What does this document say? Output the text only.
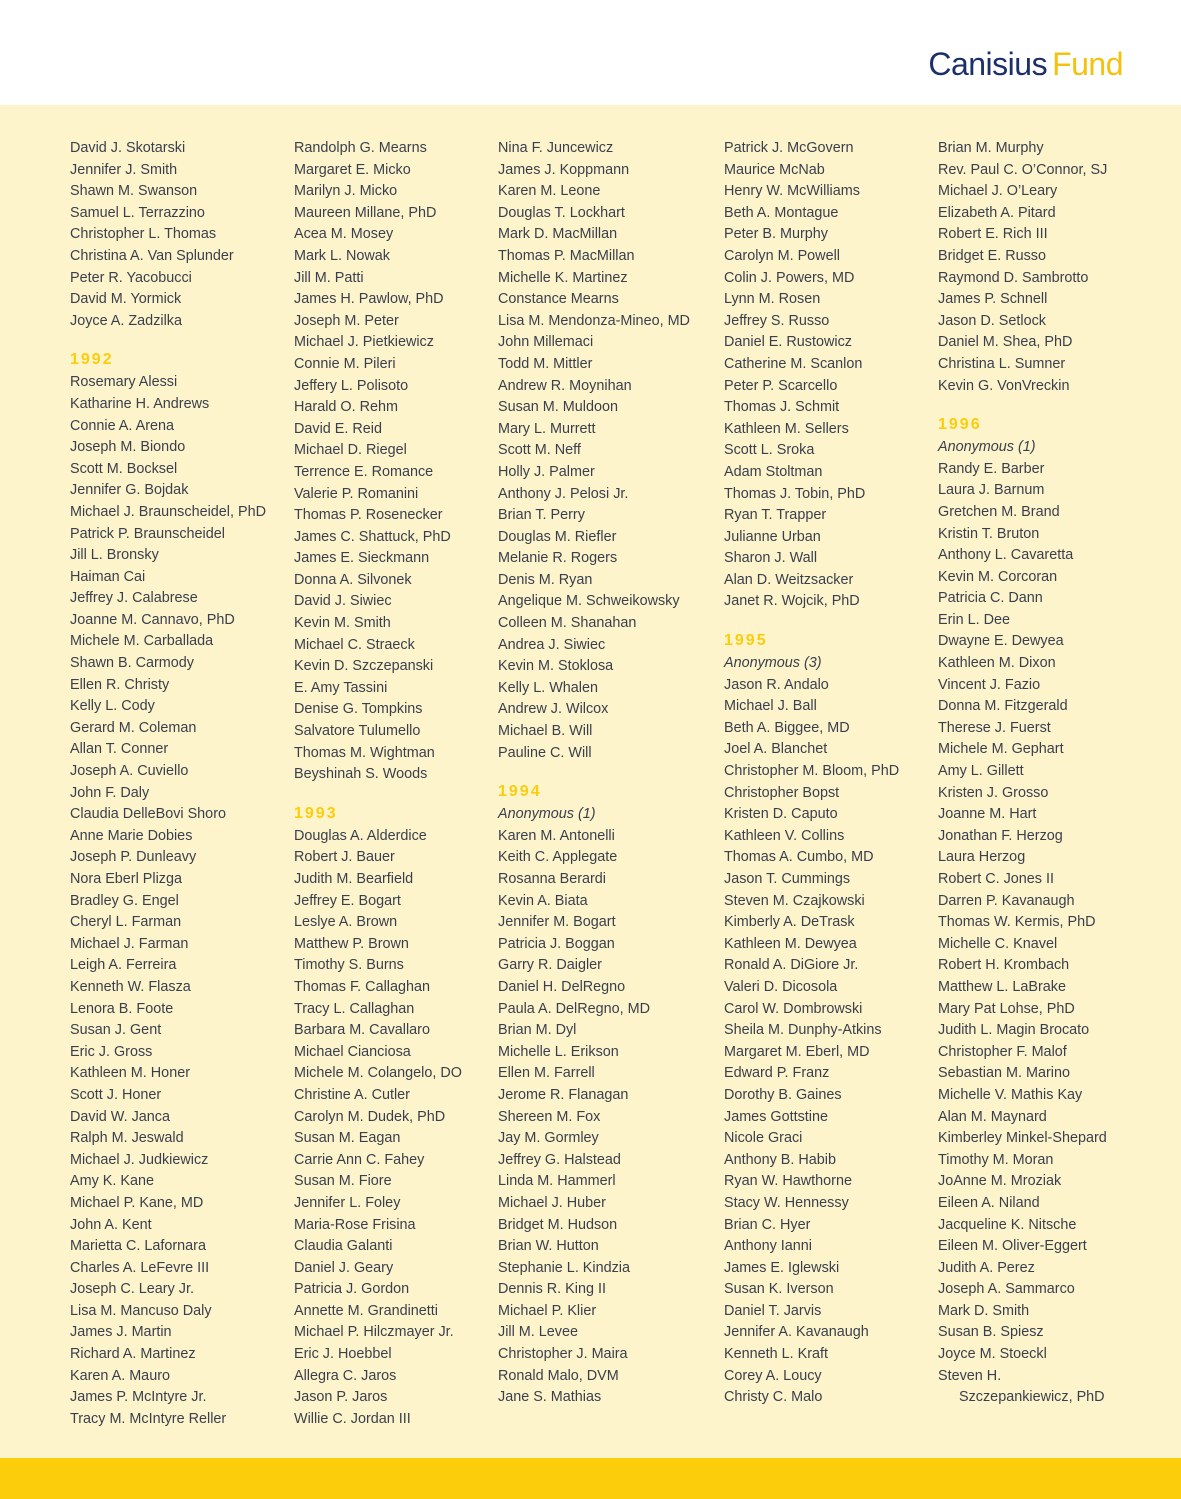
Canisius Fund
David J. Skotarski
Jennifer J. Smith
Shawn M. Swanson
Samuel L. Terrazzino
Christopher L. Thomas
Christina A. Van Splunder
Peter R. Yacobucci
David M. Yormick
Joyce A. Zadzilka
1992
Rosemary Alessi
Katharine H. Andrews
Connie A. Arena
Joseph M. Biondo
Scott M. Bocksel
Jennifer G. Bojdak
Michael J. Braunscheidel, PhD
Patrick P. Braunscheidel
Jill L. Bronsky
Haiman Cai
Jeffrey J. Calabrese
Joanne M. Cannavo, PhD
Michele M. Carballada
Shawn B. Carmody
Ellen R. Christy
Kelly L. Cody
Gerard M. Coleman
Allan T. Conner
Joseph A. Cuviello
John F. Daly
Claudia DelleBovi Shoro
Anne Marie Dobies
Joseph P. Dunleavy
Nora Eberl Plizga
Bradley G. Engel
Cheryl L. Farman
Michael J. Farman
Leigh A. Ferreira
Kenneth W. Flasza
Lenora B. Foote
Susan J. Gent
Eric J. Gross
Kathleen M. Honer
Scott J. Honer
David W. Janca
Ralph M. Jeswald
Michael J. Judkiewicz
Amy K. Kane
Michael P. Kane, MD
John A. Kent
Marietta C. Lafornara
Charles A. LeFevre III
Joseph C. Leary Jr.
Lisa M. Mancuso Daly
James J. Martin
Richard A. Martinez
Karen A. Mauro
James P. McIntyre Jr.
Tracy M. McIntyre Reller
Randolph G. Mearns
Margaret E. Micko
Marilyn J. Micko
Maureen Millane, PhD
Acea M. Mosey
Mark L. Nowak
Jill M. Patti
James H. Pawlow, PhD
Joseph M. Peter
Michael J. Pietkiewicz
Connie M. Pileri
Jeffery L. Polisoto
Harald O. Rehm
David E. Reid
Michael D. Riegel
Terrence E. Romance
Valerie P. Romanini
Thomas P. Rosenecker
James C. Shattuck, PhD
James E. Sieckmann
Donna A. Silvonek
David J. Siwiec
Kevin M. Smith
Michael C. Straeck
Kevin D. Szczepanski
E. Amy Tassini
Denise G. Tompkins
Salvatore Tulumello
Thomas M. Wightman
Beyshinah S. Woods
1993
Douglas A. Alderdice
Robert J. Bauer
Judith M. Bearfield
Jeffrey E. Bogart
Leslye A. Brown
Matthew P. Brown
Timothy S. Burns
Thomas F. Callaghan
Tracy L. Callaghan
Barbara M. Cavallaro
Michael Cianciosa
Michele M. Colangelo, DO
Christine A. Cutler
Carolyn M. Dudek, PhD
Susan M. Eagan
Carrie Ann C. Fahey
Susan M. Fiore
Jennifer L. Foley
Maria-Rose Frisina
Claudia Galanti
Daniel J. Geary
Patricia J. Gordon
Annette M. Grandinetti
Michael P. Hilczmayer Jr.
Eric J. Hoebbel
Allegra C. Jaros
Jason P. Jaros
Willie C. Jordan III
Nina F. Juncewicz
James J. Koppmann
Karen M. Leone
Douglas T. Lockhart
Mark D. MacMillan
Thomas P. MacMillan
Michelle K. Martinez
Constance Mearns
Lisa M. Mendonza-Mineo, MD
John Millemaci
Todd M. Mittler
Andrew R. Moynihan
Susan M. Muldoon
Mary L. Murrett
Scott M. Neff
Holly J. Palmer
Anthony J. Pelosi Jr.
Brian T. Perry
Douglas M. Riefler
Melanie R. Rogers
Denis M. Ryan
Angelique M. Schweikowsky
Colleen M. Shanahan
Andrea J. Siwiec
Kevin M. Stoklosa
Kelly L. Whalen
Andrew J. Wilcox
Michael B. Will
Pauline C. Will
1994
Anonymous (1)
Karen M. Antonelli
Keith C. Applegate
Rosanna Berardi
Kevin A. Biata
Jennifer M. Bogart
Patricia J. Boggan
Garry R. Daigler
Daniel H. DelRegno
Paula A. DelRegno, MD
Brian M. Dyl
Michelle L. Erikson
Ellen M. Farrell
Jerome R. Flanagan
Shereen M. Fox
Jay M. Gormley
Jeffrey G. Halstead
Linda M. Hammerl
Michael J. Huber
Bridget M. Hudson
Brian W. Hutton
Stephanie L. Kindzia
Dennis R. King II
Michael P. Klier
Jill M. Levee
Christopher J. Maira
Ronald Malo, DVM
Jane S. Mathias
Patrick J. McGovern
Maurice McNab
Henry W. McWilliams
Beth A. Montague
Peter B. Murphy
Carolyn M. Powell
Colin J. Powers, MD
Lynn M. Rosen
Jeffrey S. Russo
Daniel E. Rustowicz
Catherine M. Scanlon
Peter P. Scarcello
Thomas J. Schmit
Kathleen M. Sellers
Scott L. Sroka
Adam Stoltman
Thomas J. Tobin, PhD
Ryan T. Trapper
Julianne Urban
Sharon J. Wall
Alan D. Weitzsacker
Janet R. Wojcik, PhD
1995
Anonymous (3)
Jason R. Andalo
Michael J. Ball
Beth A. Biggee, MD
Joel A. Blanchet
Christopher M. Bloom, PhD
Christopher Bopst
Kristen D. Caputo
Kathleen V. Collins
Thomas A. Cumbo, MD
Jason T. Cummings
Steven M. Czajkowski
Kimberly A. DeTrask
Kathleen M. Dewyea
Ronald A. DiGiore Jr.
Valeri D. Dicosola
Carol W. Dombrowski
Sheila M. Dunphy-Atkins
Margaret M. Eberl, MD
Edward P. Franz
Dorothy B. Gaines
James Gottstine
Nicole Graci
Anthony B. Habib
Ryan W. Hawthorne
Stacy W. Hennessy
Brian C. Hyer
Anthony Ianni
James E. Iglewski
Susan K. Iverson
Daniel T. Jarvis
Jennifer A. Kavanaugh
Kenneth L. Kraft
Corey A. Loucy
Christy C. Malo
Brian M. Murphy
Rev. Paul C. O’Connor, SJ
Michael J. O’Leary
Elizabeth A. Pitard
Robert E. Rich III
Bridget E. Russo
Raymond D. Sambrotto
James P. Schnell
Jason D. Setlock
Daniel M. Shea, PhD
Christina L. Sumner
Kevin G. VonVreckin
1996
Anonymous (1)
Randy E. Barber
Laura J. Barnum
Gretchen M. Brand
Kristin T. Bruton
Anthony L. Cavaretta
Kevin M. Corcoran
Patricia C. Dann
Erin L. Dee
Dwayne E. Dewyea
Kathleen M. Dixon
Vincent J. Fazio
Donna M. Fitzgerald
Therese J. Fuerst
Michele M. Gephart
Amy L. Gillett
Kristen J. Grosso
Joanne M. Hart
Jonathan F. Herzog
Laura Herzog
Robert C. Jones II
Darren P. Kavanaugh
Thomas W. Kermis, PhD
Michelle C. Knavel
Robert H. Krombach
Matthew L. LaBrake
Mary Pat Lohse, PhD
Judith L. Magin Brocato
Christopher F. Malof
Sebastian M. Marino
Michelle V. Mathis Kay
Alan M. Maynard
Kimberley Minkel-Shepard
Timothy M. Moran
JoAnne M. Mroziak
Eileen A. Niland
Jacqueline K. Nitsche
Eileen M. Oliver-Eggert
Judith A. Perez
Joseph A. Sammarco
Mark D. Smith
Susan B. Spiesz
Joyce M. Stoeckl
Steven H.
Szczepankiewicz, PhD
